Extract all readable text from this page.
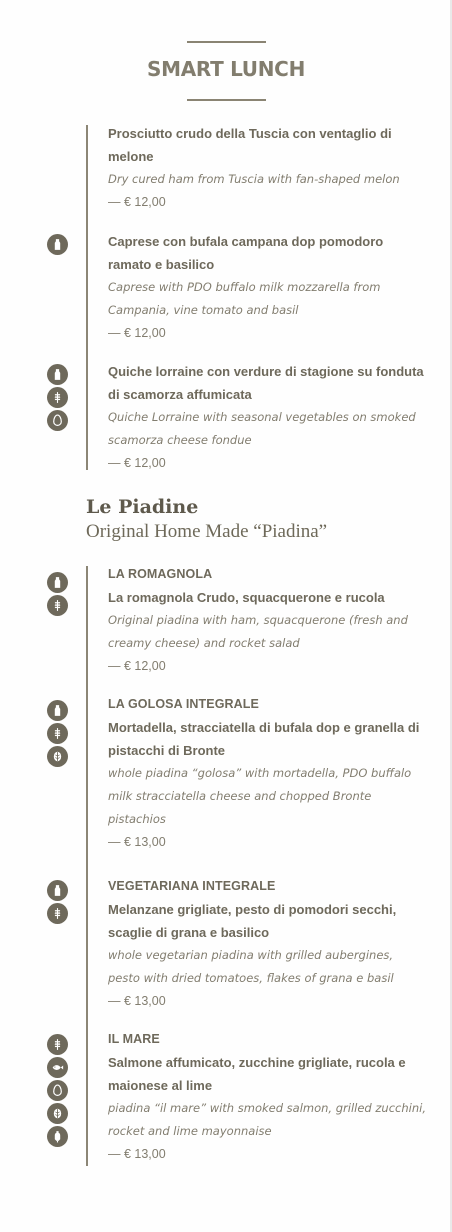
SMART LUNCH
Prosciutto crudo della Tuscia con ventaglio di melone
Dry cured ham from Tuscia with fan-shaped melon
— € 12,00
Caprese con bufala campana dop pomodoro ramato e basilico
Caprese with PDO buffalo milk mozzarella from Campania, vine tomato and basil
— € 12,00
Quiche lorraine con verdure di stagione su fonduta di scamorza affumicata
Quiche Lorraine with seasonal vegetables on smoked scamorza cheese fondue
— € 12,00
Le Piadine
Original Home Made “Piadina”
LA ROMAGNOLA
La romagnola Crudo, squacquerone e rucola
Original piadina with ham, squacquerone (fresh and creamy cheese) and rocket salad
— € 12,00
LA GOLOSA INTEGRALE
Mortadella, stracciatella di bufala dop e granella di pistacchi di Bronte
whole piadina “golosa” with mortadella, PDO buffalo milk stracciatella cheese and chopped Bronte pistachios
— € 13,00
VEGETARIANA INTEGRALE
Melanzane grigliate, pesto di pomodori secchi, scaglie di grana e basilico
whole vegetarian piadina with grilled aubergines, pesto with dried tomatoes, flakes of grana e basil
— € 13,00
IL MARE
Salmone affumicato, zucchine grigliate, rucola e maionese al lime
piadina “il mare” with smoked salmon, grilled zucchini, rocket and lime mayonnaise
— € 13,00
